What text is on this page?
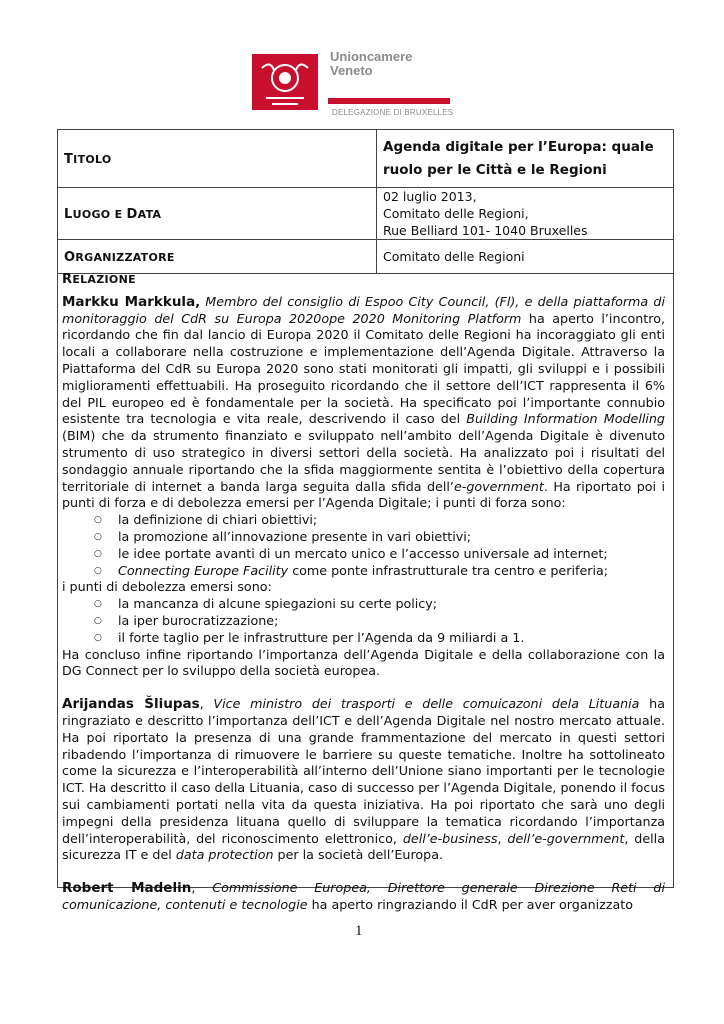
Unioncamere
Veneto
DELEGAZIONE DI BRUXELLES
TITOLO	Agenda digitale per l’Europa: quale ruolo per le Città e le Regioni
LUOGO E DATA	02 luglio 2013,
Comitato delle Regioni,
Rue Belliard 101- 1040 Bruxelles

ORGANIZZATORE	Comitato delle Regioni

RELAZIONE

Markku Markkula, Membro del consiglio di Espoo City Council, (Fl), e della piattaforma di monitoraggio del CdR su Europa 2020ope 2020 Monitoring Platform ha aperto l’incontro, ricordando che fin dal lancio di Europa 2020 il Comitato delle Regioni ha incoraggiato gli enti locali a collaborare nella costruzione e implementazione dell’Agenda Digitale. Attraverso la Piattaforma del CdR su Europa 2020 sono stati monitorati gli impatti, gli sviluppi e i possibili miglioramenti effettuabili. Ha proseguito ricordando che il settore dell’ICT rappresenta il 6% del PIL europeo ed è fondamentale per la società. Ha specificato poi l’importante connubio esistente tra tecnologia e vita reale, descrivendo il caso del Building Information Modelling (BIM) che da strumento finanziato e sviluppato nell’ambito dell’Agenda Digitale è divenuto strumento di uso strategico in diversi settori della società. Ha analizzato poi i risultati del sondaggio annuale riportando che la sfida maggiormente sentita è l’obiettivo della copertura territoriale di internet a banda larga seguita dalla sfida dell’e-government. Ha riportato poi i punti di forza e di debolezza emersi per l’Agenda Digitale; i punti di forza sono:

○ la definizione di chiari obiettivi;
○ la promozione all’innovazione presente in vari obiettivi;
○ le idee portate avanti di un mercato unico e l’accesso universale ad internet;
○ Connecting Europe Facility come ponte infrastrutturale tra centro e periferia;

i punti di debolezza emersi sono:

○ la mancanza di alcune spiegazioni su certe policy;
○ la iper burocratizzazione;
○ il forte taglio per le infrastrutture per l’Agenda da 9 miliardi a 1.

Ha concluso infine riportando l’importanza dell’Agenda Digitale e della collaborazione con la DG Connect per lo sviluppo della società europea.

Arijandas Šliupas, Vice ministro dei trasporti e delle comuicazoni dela Lituania ha ringraziato e descritto l’importanza dell’ICT e dell’Agenda Digitale nel nostro mercato attuale. Ha poi riportato la presenza di una grande frammentazione del mercato in questi settori ribadendo l’importanza di rimuovere le barriere su queste tematiche. Inoltre ha sottolineato come la sicurezza e l’interoperabilità all’interno dell’Unione siano importanti per le tecnologie ICT. Ha descritto il caso della Lituania, caso di successo per l’Agenda Digitale, ponendo il focus sui cambiamenti portati nella vita da questa iniziativa. Ha poi riportato che sarà uno degli impegni della presidenza lituana quello di sviluppare la tematica ricordando l’importanza dell’interoperabilità, del riconoscimento elettronico, dell’e-business, dell’e-government, della sicurezza IT e del data protection per la società dell’Europa.

Robert Madelin, Commissione Europea, Direttore generale Direzione Reti di comunicazione, contenuti e tecnologie ha aperto ringraziando il CdR per aver organizzato

1
